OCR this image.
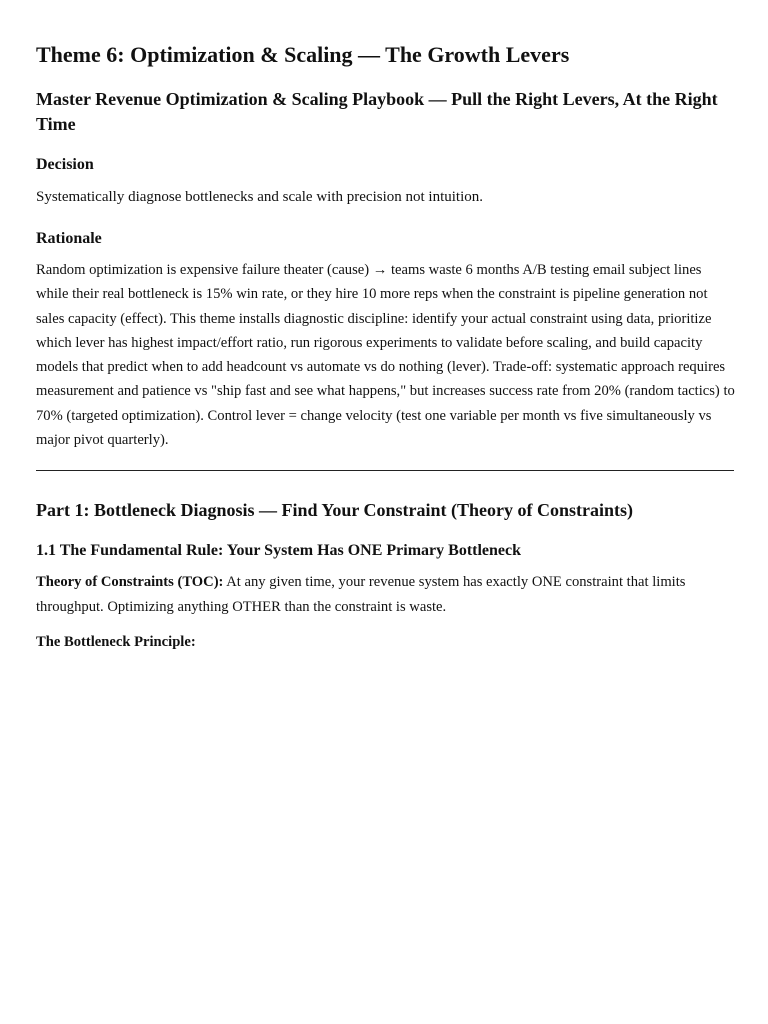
Theme 6: Optimization & Scaling — The Growth Levers
Master Revenue Optimization & Scaling Playbook — Pull the Right Levers, At the Right Time
Decision

Systematically diagnose bottlenecks and scale with precision not intuition.

Rationale

Random optimization is expensive failure theater (cause) → teams waste 6 months A/B testing email subject lines while their real bottleneck is 15% win rate, or they hire 10 more reps when the constraint is pipeline generation not sales capacity (effect). This theme installs diagnostic discipline: identify your actual constraint using data, prioritize which lever has highest impact/effort ratio, run rigorous experiments to validate before scaling, and build capacity models that predict when to add headcount vs automate vs do nothing (lever). Trade-off: systematic approach requires measurement and patience vs "ship fast and see what happens," but increases success rate from 20% (random tactics) to 70% (targeted optimization). Control lever = change velocity (test one variable per month vs five simultaneously vs major pivot quarterly).

Part 1: Bottleneck Diagnosis — Find Your Constraint (Theory of Constraints)
1.1 The Fundamental Rule: Your System Has ONE Primary Bottleneck

Theory of Constraints (TOC): At any given time, your revenue system has exactly ONE constraint that limits throughput. Optimizing anything OTHER than the constraint is waste.

The Bottleneck Principle:
